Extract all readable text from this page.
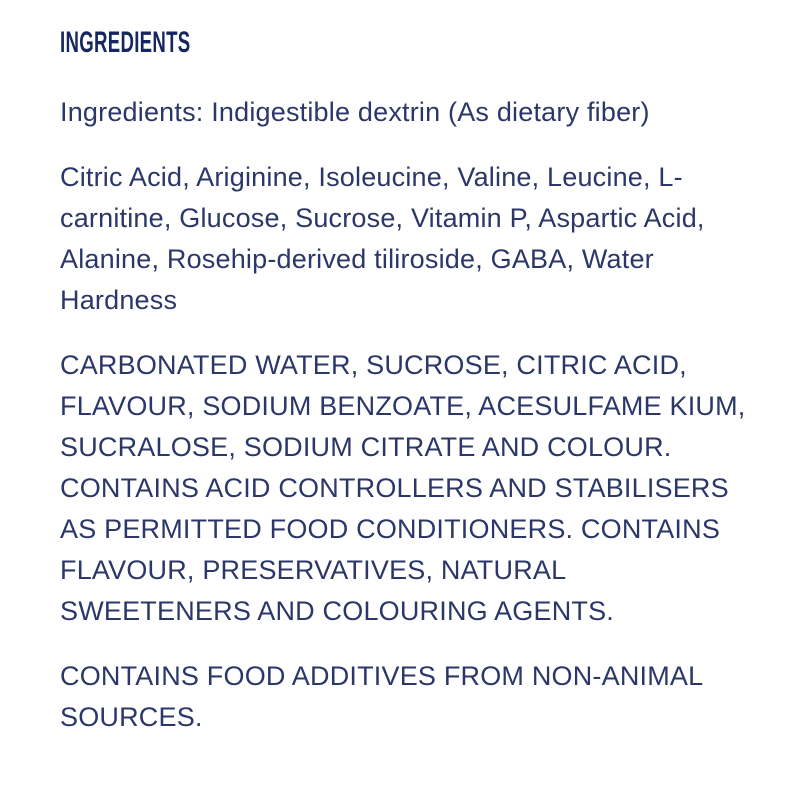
INGREDIENTS

Ingredients: Indigestible dextrin (As dietary fiber)

Citric Acid, Ariginine, Isoleucine, Valine, Leucine, L-carnitine, Glucose, Sucrose, Vitamin P, Aspartic Acid, Alanine, Rosehip-derived tiliroside, GABA, Water Hardness

CARBONATED WATER, SUCROSE, CITRIC ACID, FLAVOUR, SODIUM BENZOATE, ACESULFAME KIUM, SUCRALOSE, SODIUM CITRATE AND COLOUR. CONTAINS ACID CONTROLLERS AND STABILISERS AS PERMITTED FOOD CONDITIONERS. CONTAINS FLAVOUR, PRESERVATIVES, NATURAL SWEETENERS AND COLOURING AGENTS.

CONTAINS FOOD ADDITIVES FROM NON-ANIMAL SOURCES.
